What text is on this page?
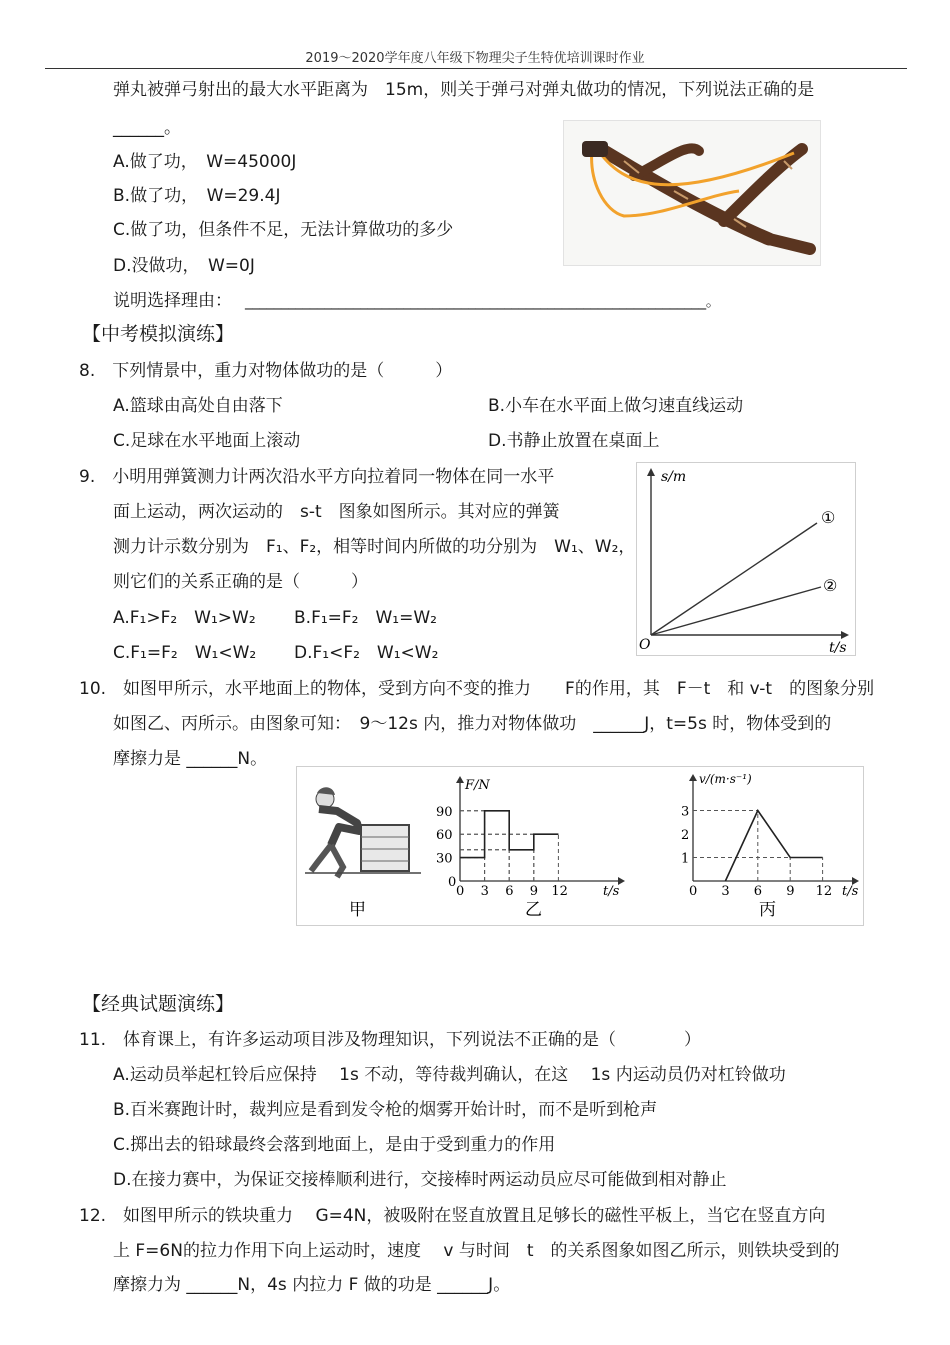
2019～2020学年度八年级下物理尖子生特优培训课时作业
弹丸被弹弓射出的最大水平距离为　15m，则关于弹弓对弹丸做功的情况，下列说法正确的是
______。
A.做了功，　W=45000J
B.做了功，　W=29.4J
C.做了功，但条件不足，无法计算做功的多少
D.没做功，　W=0J
说明选择理由： ________________________________________________________________。
【中考模拟演练】
8.　下列情景中，重力对物体做功的是（　　　）
A.篮球由高处自由落下	B.小车在水平面上做匀速直线运动
C.足球在水平地面上滚动	D.书静止放置在桌面上
9.　小明用弹簧测力计两次沿水平方向拉着同一物体在同一水平
面上运动，两次运动的　s-t　图象如图所示。其对应的弹簧
测力计示数分别为　F₁、F₂，相等时间内所做的功分别为　W₁、W₂，
则它们的关系正确的是（　　　）
A.F₁>F₂　W₁>W₂ B.F₁=F₂　W₁=W₂
C.F₁=F₂　W₁<W₂ D.F₁<F₂　W₁<W₂
s/m
t/s
O
①
②
10.　如图甲所示，水平地面上的物体，受到方向不变的推力　　F的作用，其　F－t　和 v-t　的图象分别
如图乙、丙所示。由图象可知：　9～12s 内，推力对物体做功　______J，t=5s 时，物体受到的
摩擦力是 ______N。
甲	乙	丙
F/N
t/s
0 3 6 9 12
0
30
60
90
v/(m·s⁻¹)
t/s
0 3 6 9 12
1
2
3
【经典试题演练】
11.　体育课上，有许多运动项目涉及物理知识，下列说法不正确的是（　　　　）
A.运动员举起杠铃后应保持　 1s 不动，等待裁判确认，在这　 1s 内运动员仍对杠铃做功
B.百米赛跑计时，裁判应是看到发令枪的烟雾开始计时，而不是听到枪声
C.掷出去的铅球最终会落到地面上，是由于受到重力的作用
D.在接力赛中，为保证交接棒顺利进行，交接棒时两运动员应尽可能做到相对静止
12.　如图甲所示的铁块重力　 G=4N，被吸附在竖直放置且足够长的磁性平板上，当它在竖直方向
上 F=6N的拉力作用下向上运动时，速度　 v 与时间　t　的关系图象如图乙所示，则铁块受到的
摩擦力为 ______N，4s 内拉力 F 做的功是 ______J。
